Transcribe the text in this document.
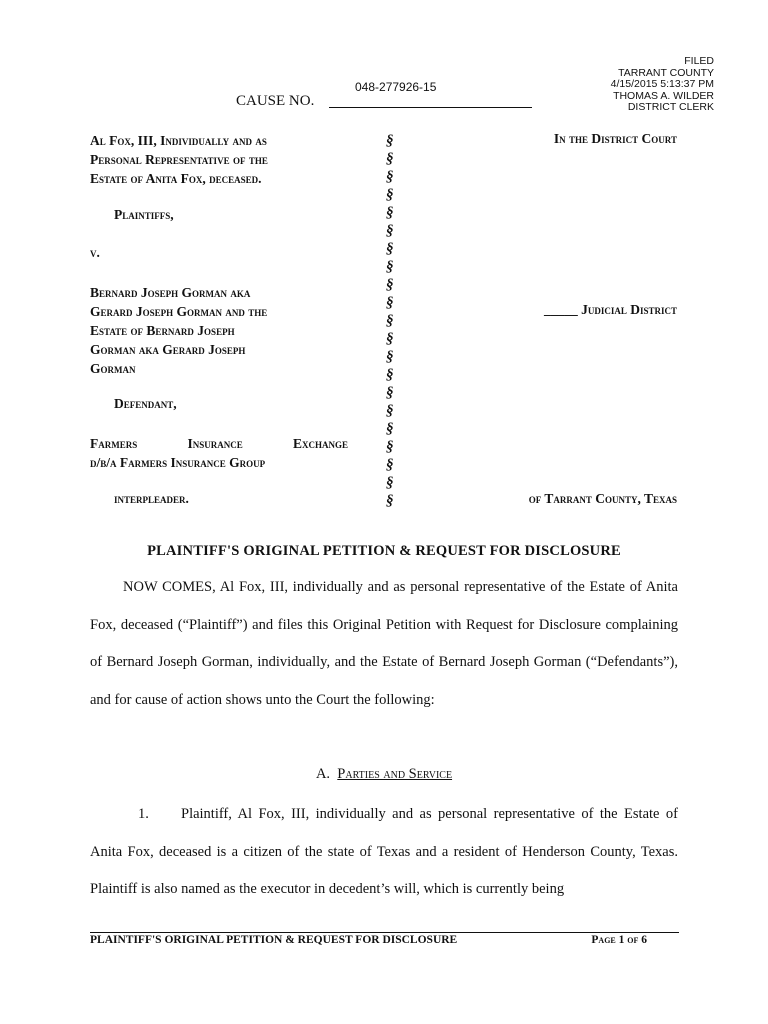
FILED
TARRANT COUNTY
4/15/2015 5:13:37 PM
THOMAS A. WILDER
DISTRICT CLERK
048-277926-15
CAUSE NO.
Al Fox, III, Individually and as
Personal Representative of the
Estate of Anita Fox, deceased.
Plaintiffs,
v.
Bernard Joseph Gorman aka
Gerard Joseph Gorman and the
Estate of Bernard Joseph
Gorman aka Gerard Joseph
Gorman
Defendant,
Farmers Insurance Exchange
d/b/a Farmers Insurance Group
interpleader.
§
§
§
§
§
§
§
§
§
§
§
§
§
§
§
§
§
§
§
§
§
In the District Court
_____ Judicial District
of Tarrant County, Texas
PLAINTIFF'S ORIGINAL PETITION & REQUEST FOR DISCLOSURE
NOW COMES, Al Fox, III, individually and as personal representative of the Estate of Anita Fox, deceased (“Plaintiff”) and files this Original Petition with Request for Disclosure complaining of Bernard Joseph Gorman, individually, and the Estate of Bernard Joseph Gorman (“Defendants”), and for cause of action shows unto the Court the following:
A. Parties and Service
1. Plaintiff, Al Fox, III, individually and as personal representative of the Estate of Anita Fox, deceased is a citizen of the state of Texas and a resident of Henderson County, Texas. Plaintiff is also named as the executor in decedent’s will, which is currently being
PLAINTIFF'S ORIGINAL PETITION & REQUEST FOR DISCLOSURE	Page 1 of 6
